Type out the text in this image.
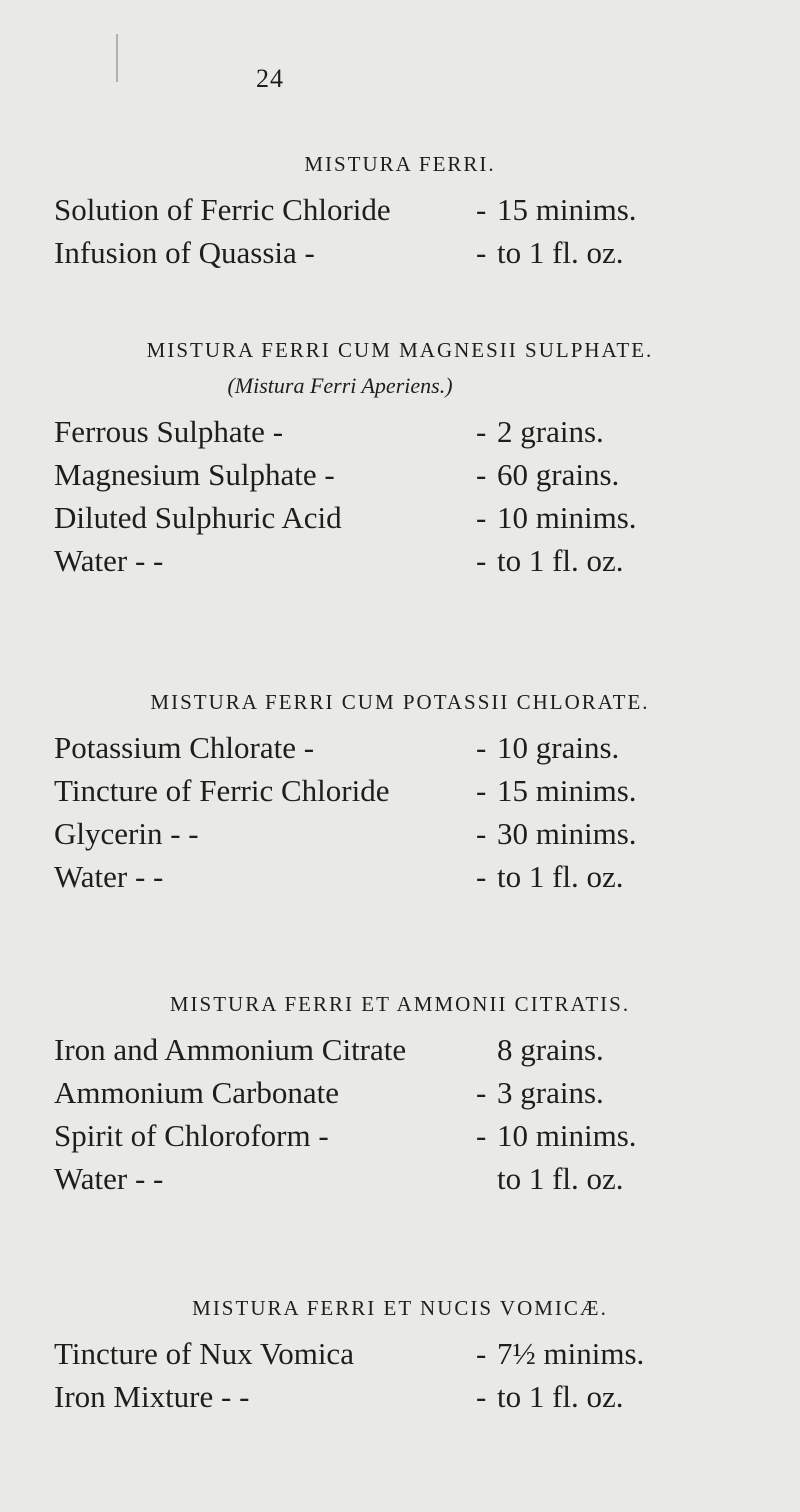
24
MISTURA FERRI.
Solution of Ferric Chloride	- 15 minims.
Infusion of Quassia -	- to 1 fl. oz.
MISTURA FERRI CUM MAGNESII SULPHATE.
(Mistura Ferri Aperiens.)
Ferrous Sulphate -	- 2 grains.
Magnesium Sulphate -	- 60 grains.
Diluted Sulphuric Acid	- 10 minims.
Water - -	- to 1 fl. oz.
MISTURA FERRI CUM POTASSII CHLORATE.
Potassium Chlorate -	- 10 grains.
Tincture of Ferric Chloride	- 15 minims.
Glycerin - -	- 30 minims.
Water - -	- to 1 fl. oz.
MISTURA FERRI ET AMMONII CITRATIS.
Iron and Ammonium Citrate	8 grains.
Ammonium Carbonate	- 3 grains.
Spirit of Chloroform -	- 10 minims.
Water - -	to 1 fl. oz.
MISTURA FERRI ET NUCIS VOMICÆ.
Tincture of Nux Vomica	- 7½ minims.
Iron Mixture - -	- to 1 fl. oz.
